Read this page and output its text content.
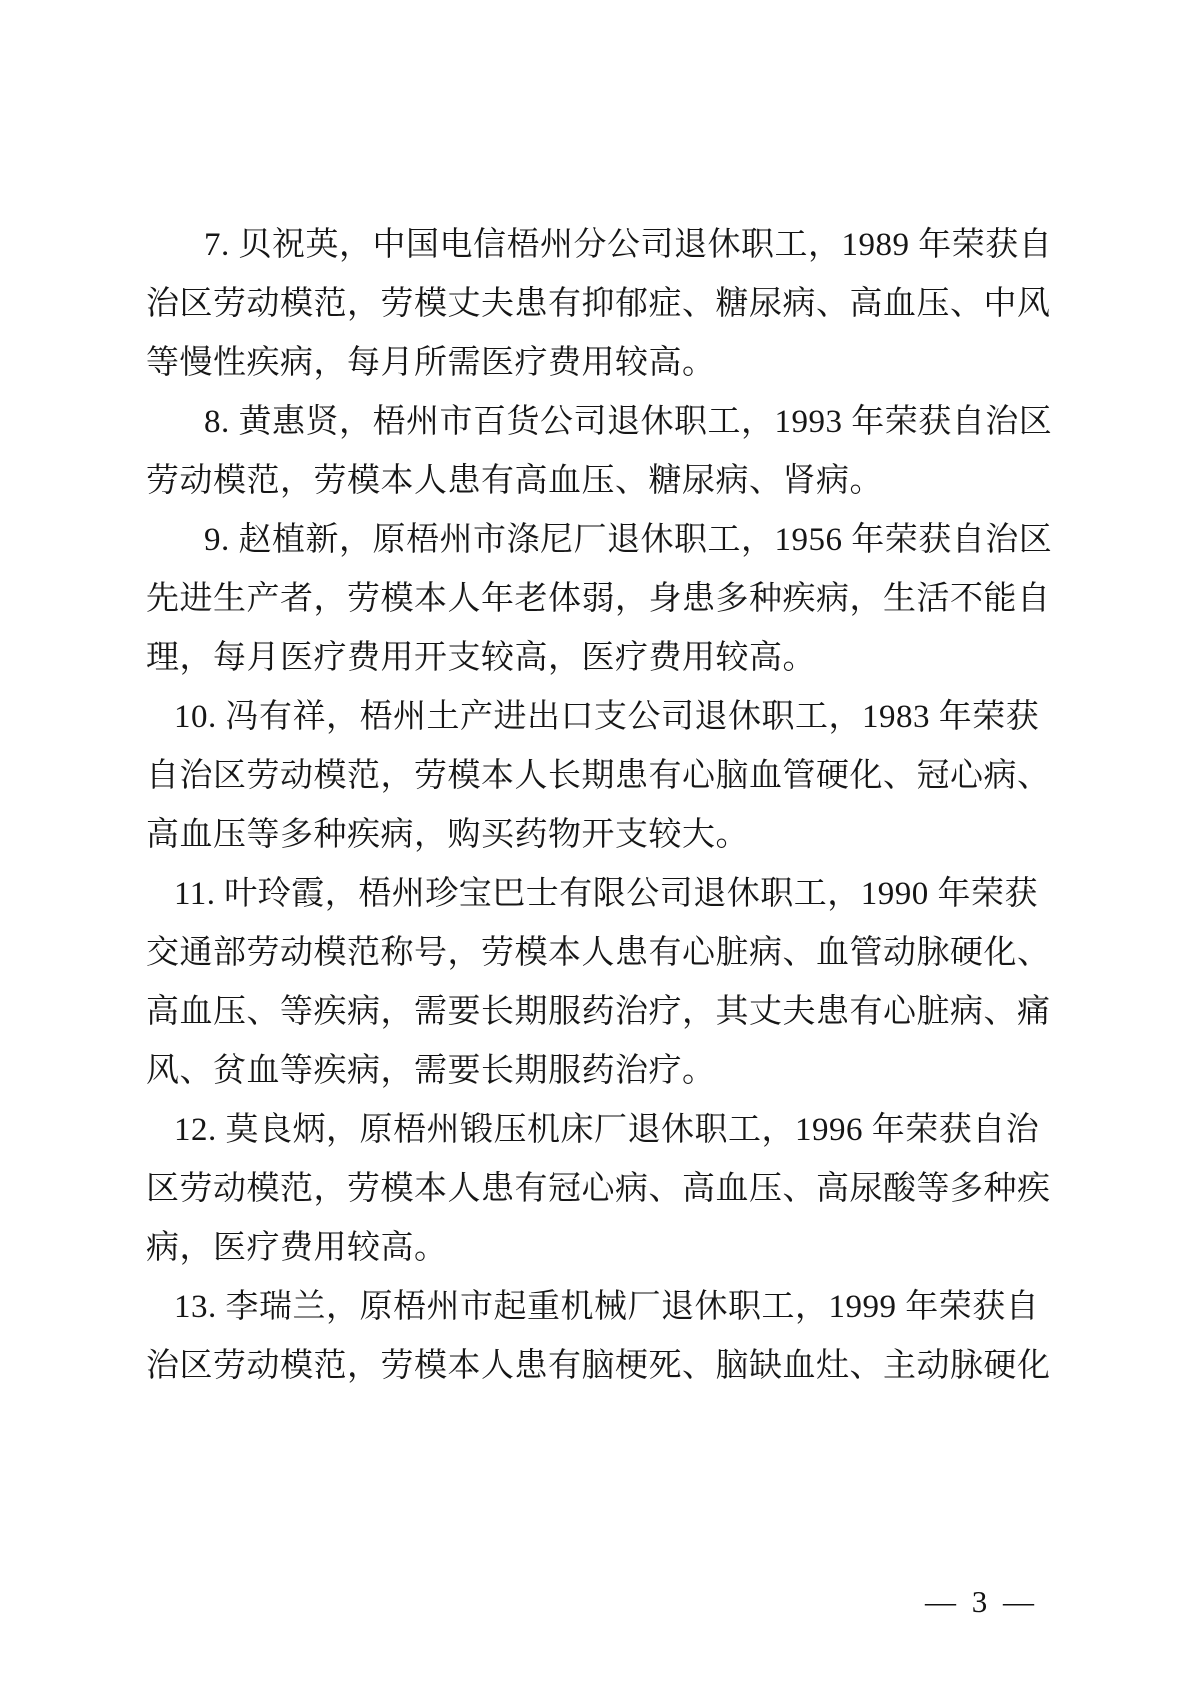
7. 贝祝英，中国电信梧州分公司退休职工，1989 年荣获自
治区劳动模范，劳模丈夫患有抑郁症、糖尿病、高血压、中风
等慢性疾病，每月所需医疗费用较高。
8. 黄惠贤，梧州市百货公司退休职工，1993 年荣获自治区
劳动模范，劳模本人患有高血压、糖尿病、肾病。
9. 赵植新，原梧州市涤尼厂退休职工，1956 年荣获自治区
先进生产者，劳模本人年老体弱，身患多种疾病，生活不能自
理，每月医疗费用开支较高，医疗费用较高。
10. 冯有祥，梧州土产进出口支公司退休职工，1983 年荣获
自治区劳动模范，劳模本人长期患有心脑血管硬化、冠心病、
高血压等多种疾病，购买药物开支较大。
11. 叶玲霞，梧州珍宝巴士有限公司退休职工，1990 年荣获
交通部劳动模范称号，劳模本人患有心脏病、血管动脉硬化、
高血压、等疾病，需要长期服药治疗，其丈夫患有心脏病、痛
风、贫血等疾病，需要长期服药治疗。
12. 莫良炳，原梧州锻压机床厂退休职工，1996 年荣获自治
区劳动模范，劳模本人患有冠心病、高血压、高尿酸等多种疾
病，医疗费用较高。
13. 李瑞兰，原梧州市起重机械厂退休职工，1999 年荣获自
治区劳动模范，劳模本人患有脑梗死、脑缺血灶、主动脉硬化
— 3 —
